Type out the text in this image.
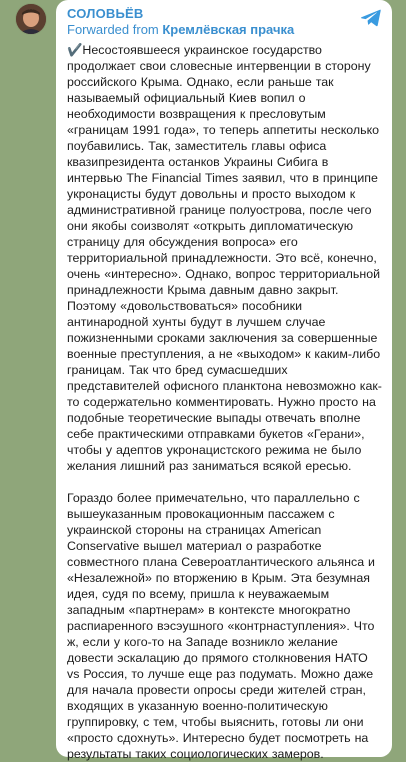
СОЛОВЬЁВ
Forwarded from Кремлёвская прачка

✔️Несостоявшееся украинское государство продолжает свои словесные интервенции в сторону российского Крыма. Однако, если раньше так называемый официальный Киев вопил о необходимости возвращения к пресловутым «границам 1991 года», то теперь аппетиты несколько поубавились. Так, заместитель главы офиса квазипрезидента останков Украины Сибига в интервью The Financial Times заявил, что в принципе укронацисты будут довольны и просто выходом к административной границе полуострова, после чего они якобы соизволят «открыть дипломатическую страницу для обсуждения вопроса» его территориальной принадлежности. Это всё, конечно, очень «интересно». Однако, вопрос территориальной принадлежности Крыма давным давно закрыт. Поэтому «довольствоваться» пособники антинародной хунты будут в лучшем случае пожизненными сроками заключения за совершенные военные преступления, а не «выходом» к каким-либо границам. Так что бред сумасшедших представителей офисного планктона невозможно как-то содержательно комментировать. Нужно просто на подобные теоретические выпады отвечать вполне себе практическими отправками букетов «Герани», чтобы у адептов укронацистского режима не было желания лишний раз заниматься всякой ересью.

Гораздо более примечательно, что параллельно с вышеуказанным провокационным пассажем с украинской стороны на страницах American Conservative вышел материал о разработке совместного плана Североатлантического альянса и «Незалежной» по вторжению в Крым. Эта безумная идея, судя по всему, пришла к неуважаемым западным «партнерам» в контексте многократно распиаренного вэсэушного «контрнаступления». Что ж, если у кого-то на Западе возникло желание довести эскалацию до прямого столкновения НАТО vs Россия, то лучше еще раз подумать. Можно даже для начала провести опросы среди жителей стран, входящих в указанную военно-политическую группировку, с тем, чтобы выяснить, готовы ли они «просто сдохнуть». Интересно будет посмотреть на результаты таких социологических замеров.
